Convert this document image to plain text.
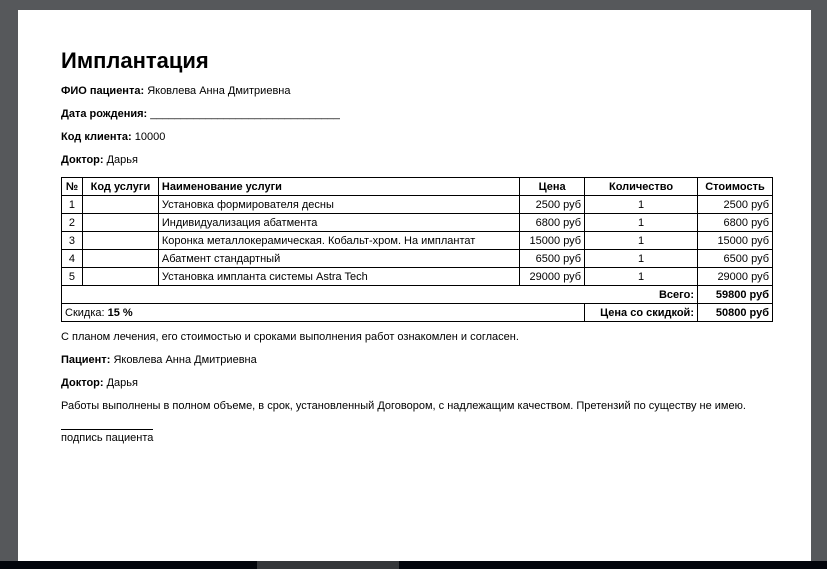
Имплантация

ФИО пациента: Яковлева Анна Дмитриевна

Дата рождения: _______________________________

Код клиента: 10000

Доктор: Дарья

№	Код услуги	Наименование услуги	Цена	Количество	Стоимость
1		Установка формирователя десны	2500 руб	1	2500 руб
2		Индивидуализация абатмента	6800 руб	1	6800 руб
3		Коронка металлокерамическая. Кобальт-хром. На имплантат	15000 руб	1	15000 руб
4		Абатмент стандартный	6500 руб	1	6500 руб
5		Установка импланта системы Astra Tech	29000 руб	1	29000 руб
Всего:					59800 руб
Скидка: 15 %				Цена со скидкой:	50800 руб

С планом лечения, его стоимостью и сроками выполнения работ ознакомлен и согласен.

Пациент: Яковлева Анна Дмитриевна

Доктор: Дарья

Работы выполнены в полном объеме, в срок, установленный Договором, с надлежащим качеством. Претензий по существу не имею.

подпись пациента
